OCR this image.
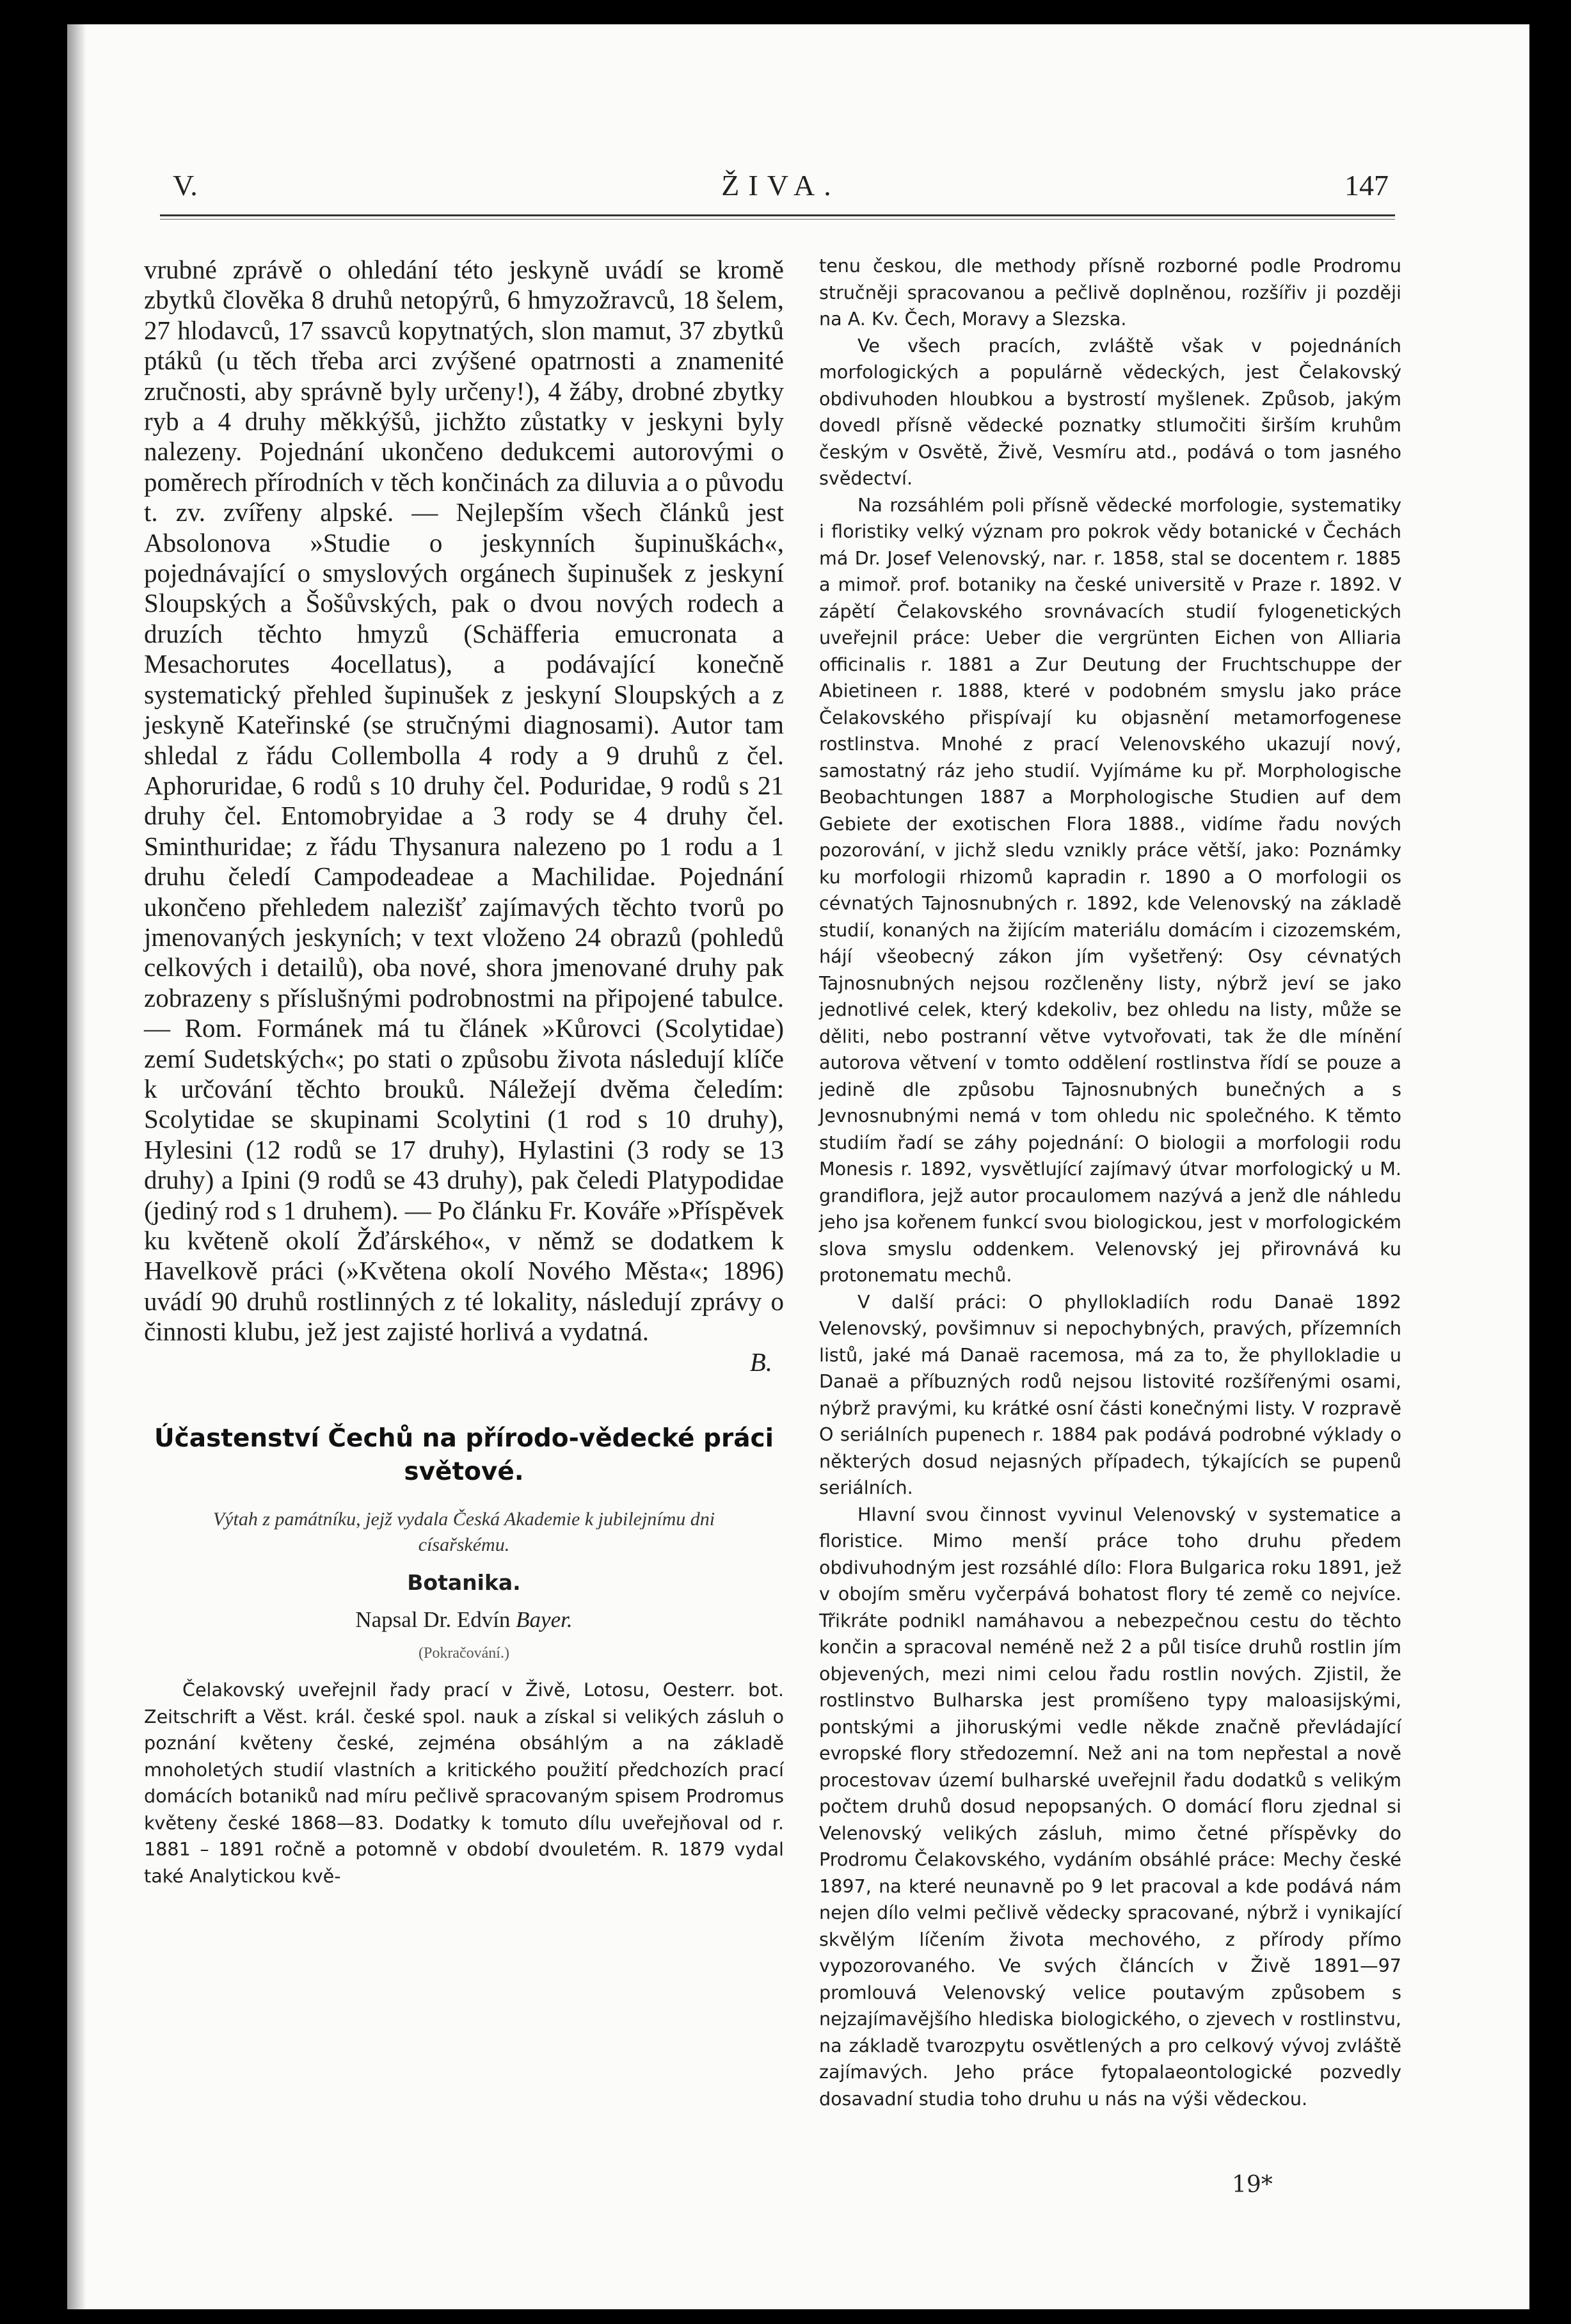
V.	ŽIVA.	147

vrubné zprávě o ohledání této jeskyně uvádí se kromě zbytků člověka 8 druhů netopýrů, 6 hmyzožravců, 18 šelem, 27 hlodavců, 17 ssavců kopytnatých, slon mamut, 37 zbytků ptáků (u těch třeba arci zvýšené opatrnosti a znamenité zručnosti, aby správně byly určeny!), 4 žáby, drobné zbytky ryb a 4 druhy měkkýšů, jichžto zůstatky v jeskyni byly nalezeny. Pojednání ukončeno dedukcemi autorovými o poměrech přírodních v těch končinách za diluvia a o původu t. zv. zvířeny alpské. — Nejlepším všech článků jest Absolonova »Studie o jeskynních šupinuškách«, pojednávající o smyslových orgánech šupinušek z jeskyní Sloupských a Šošůvských, pak o dvou nových rodech a druzích těchto hmyzů (Schäfferia emucronata a Mesachorutes 4ocellatus), a podávající konečně systematický přehled šupinušek z jeskyní Sloupských a z jeskyně Kateřinské (se stručnými diagnosami). Autor tam shledal z řádu Collembolla 4 rody a 9 druhů z čel. Aphoruridae, 6 rodů s 10 druhy čel. Poduridae, 9 rodů s 21 druhy čel. Entomobryidae a 3 rody se 4 druhy čel. Sminthuridae; z řádu Thysanura nalezeno po 1 rodu a 1 druhu čeledí Campodeadeae a Machilidae. Pojednání ukončeno přehledem nalezišť zajímavých těchto tvorů po jmenovaných jeskyních; v text vloženo 24 obrazů (pohledů celkových i detailů), oba nové, shora jmenované druhy pak zobrazeny s příslušnými podrobnostmi na připojené tabulce. — Rom. Formánek má tu článek »Kůrovci (Scolytidae) zemí Sudetských«; po stati o způsobu života následují klíče k určování těchto brouků. Náležejí dvěma čeledím: Scolytidae se skupinami Scolytini (1 rod s 10 druhy), Hylesini (12 rodů se 17 druhy), Hylastini (3 rody se 13 druhy) a Ipini (9 rodů se 43 druhy), pak čeledi Platypodidae (jediný rod s 1 druhem). — Po článku Fr. Kováře »Příspěvek ku květeně okolí Žďárského«, v němž se dodatkem k Havelkově práci (»Květena okolí Nového Města«; 1896) uvádí 90 druhů rostlinných z té lokality, následují zprávy o činnosti klubu, jež jest zajisté horlivá a vydatná.

B.

Účastenství Čechů na přírodo-vědecké práci světové.
Výtah z památníku, jejž vydala Česká Akademie k jubilejnímu dni císařskému.
Botanika.
Napsal Dr. Edvín Bayer.
(Pokračování.)

Čelakovský uveřejnil řady prací v Živě, Lotosu, Oesterr. bot. Zeitschrift a Věst. král. české spol. nauk a získal si velikých zásluh o poznání květeny české, zejména obsáhlým a na základě mnoholetých studií vlastních a kritického použití předchozích prací domácích botaniků nad míru pečlivě spracovaným spisem Prodromus květeny české 1868—83. Dodatky k tomuto dílu uveřejňoval od r. 1881 – 1891 ročně a potomně v období dvouletém. R. 1879 vydal také Analytickou kvě-

tenu českou, dle methody přísně rozborné podle Prodromu stručněji spracovanou a pečlivě doplněnou, rozšířiv ji později na A. Kv. Čech, Moravy a Slezska.

Ve všech pracích, zvláště však v pojednáních morfologických a populárně vědeckých, jest Čelakovský obdivuhoden hloubkou a bystrostí myšlenek. Způsob, jakým dovedl přísně vědecké poznatky stlumočiti širším kruhům českým v Osvětě, Živě, Vesmíru atd., podává o tom jasného svědectví.

Na rozsáhlém poli přísně vědecké morfologie, systematiky i floristiky velký význam pro pokrok vědy botanické v Čechách má Dr. Josef Velenovský, nar. r. 1858, stal se docentem r. 1885 a mimoř. prof. botaniky na české universitě v Praze r. 1892. V zápětí Čelakovského srovnávacích studií fylogenetických uveřejnil práce: Ueber die vergrünten Eichen von Alliaria officinalis r. 1881 a Zur Deutung der Fruchtschuppe der Abietineen r. 1888, které v podobném smyslu jako práce Čelakovského přispívají ku objasnění metamorfogenese rostlinstva. Mnohé z prací Velenovského ukazují nový, samostatný ráz jeho studií. Vyjímáme ku př. Morphologische Beobachtungen 1887 a Morphologische Studien auf dem Gebiete der exotischen Flora 1888., vidíme řadu nových pozorování, v jichž sledu vznikly práce větší, jako: Poznámky ku morfologii rhizomů kapradin r. 1890 a O morfologii os cévnatých Tajnosnubných r. 1892, kde Velenovský na základě studií, konaných na žijícím materiálu domácím i cizozemském, hájí všeobecný zákon jím vyšetřený: Osy cévnatých Tajnosnubných nejsou rozčleněny listy, nýbrž jeví se jako jednotlivé celek, který kdekoliv, bez ohledu na listy, může se děliti, nebo postranní větve vytvořovati, tak že dle mínění autorova větvení v tomto oddělení rostlinstva řídí se pouze a jedině dle způsobu Tajnosnubných bunečných a s Jevnosnubnými nemá v tom ohledu nic společného. K těmto studiím řadí se záhy pojednání: O biologii a morfologii rodu Monesis r. 1892, vysvětlující zajímavý útvar morfologický u M. grandiflora, jejž autor procaulomem nazývá a jenž dle náhledu jeho jsa kořenem funkcí svou biologickou, jest v morfologickém slova smyslu oddenkem. Velenovský jej přirovnává ku protonematu mechů.

V další práci: O phyllokladiích rodu Danaë 1892 Velenovský, povšimnuv si nepochybných, pravých, přízemních listů, jaké má Danaë racemosa, má za to, že phyllokladie u Danaë a příbuzných rodů nejsou listovité rozšířenými osami, nýbrž pravými, ku krátké osní části konečnými listy. V rozpravě O seriálních pupenech r. 1884 pak podává podrobné výklady o některých dosud nejasných případech, týkajících se pupenů seriálních.

Hlavní svou činnost vyvinul Velenovský v systematice a floristice. Mimo menší práce toho druhu předem obdivuhodným jest rozsáhlé dílo: Flora Bulgarica roku 1891, jež v obojím směru vyčerpává bohatost flory té země co nejvíce. Třikráte podnikl namáhavou a nebezpečnou cestu do těchto končin a spracoval neméně než 2 a půl tisíce druhů rostlin jím objevených, mezi nimi celou řadu rostlin nových. Zjistil, že rostlinstvo Bulharska jest promíšeno typy maloasijskými, pontskými a jihoruskými vedle někde značně převládající evropské flory středozemní. Než ani na tom nepřestal a nově procestovav území bulharské uveřejnil řadu dodatků s velikým počtem druhů dosud nepopsaných. O domácí floru zjednal si Velenovský velikých zásluh, mimo četné příspěvky do Prodromu Čelakovského, vydáním obsáhlé práce: Mechy české 1897, na které neunavně po 9 let pracoval a kde podává nám nejen dílo velmi pečlivě vědecky spracované, nýbrž i vynikající skvělým líčením života mechového, z přírody přímo vypozorovaného. Ve svých článcích v Živě 1891—97 promlouvá Velenovský velice poutavým způsobem s nejzajímavějšího hlediska biologického, o zjevech v rostlinstvu, na základě tvarozpytu osvětlených a pro celkový vývoj zvláště zajímavých. Jeho práce fytopalaeontologické pozvedly dosavadní studia toho druhu u nás na výši vědeckou.

19*
